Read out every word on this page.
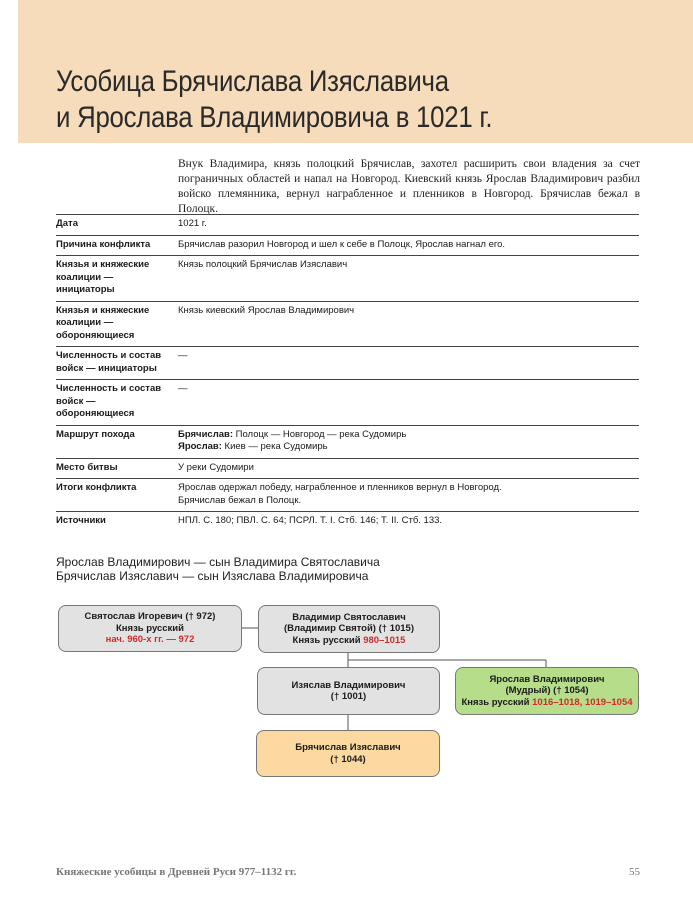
Усобица Брячислава Изяславича
и Ярослава Владимировича в 1021 г.
Внук Владимира, князь полоцкий Брячислав, захотел расширить свои владения за счет пограничных областей и напал на Новгород. Киевский князь Ярослав Владимирович разбил войско племянника, вернул награбленное и пленников в Новгород. Брячислав бежал в Полоцк.
Дата	1021 г.
Причина конфликта	Брячислав разорил Новгород и шел к себе в Полоцк, Ярослав нагнал его.
Князья и княжеские коалиции — инициаторы	Князь полоцкий Брячислав Изяславич
Князья и княжеские коалиции — обороняющиеся	Князь киевский Ярослав Владимирович
Численность и состав войск — инициаторы	—
Численность и состав войск — обороняющиеся	—
Маршрут похода	Брячислав: Полоцк — Новгород — река Судомирь
Ярослав: Киев — река Судомирь

Место битвы	У реки Судомири
Итоги конфликта	Ярослав одержал победу, награбленное и пленников вернул в Новгород.
Брячислав бежал в Полоцк.

Источники	НПЛ. С. 180; ПВЛ. С. 64; ПСРЛ. Т. I. Стб. 146; Т. II. Стб. 133.
Ярослав Владимирович — сын Владимира Святославича
Брячислав Изяславич — сын Изяслава Владимировича
Святослав Игоревич († 972)
Князь русский
нач. 960-х гг. — 972
Владимир Святославич
(Владимир Святой) († 1015)
Князь русский 980–1015
Изяслав Владимирович
(† 1001)
Ярослав Владимирович
(Мудрый) († 1054)
Князь русский 1016–1018, 1019–1054
Брячислав Изяславич
(† 1044)
Княжеские усобицы в Древней Руси 977–1132 гг.	55
